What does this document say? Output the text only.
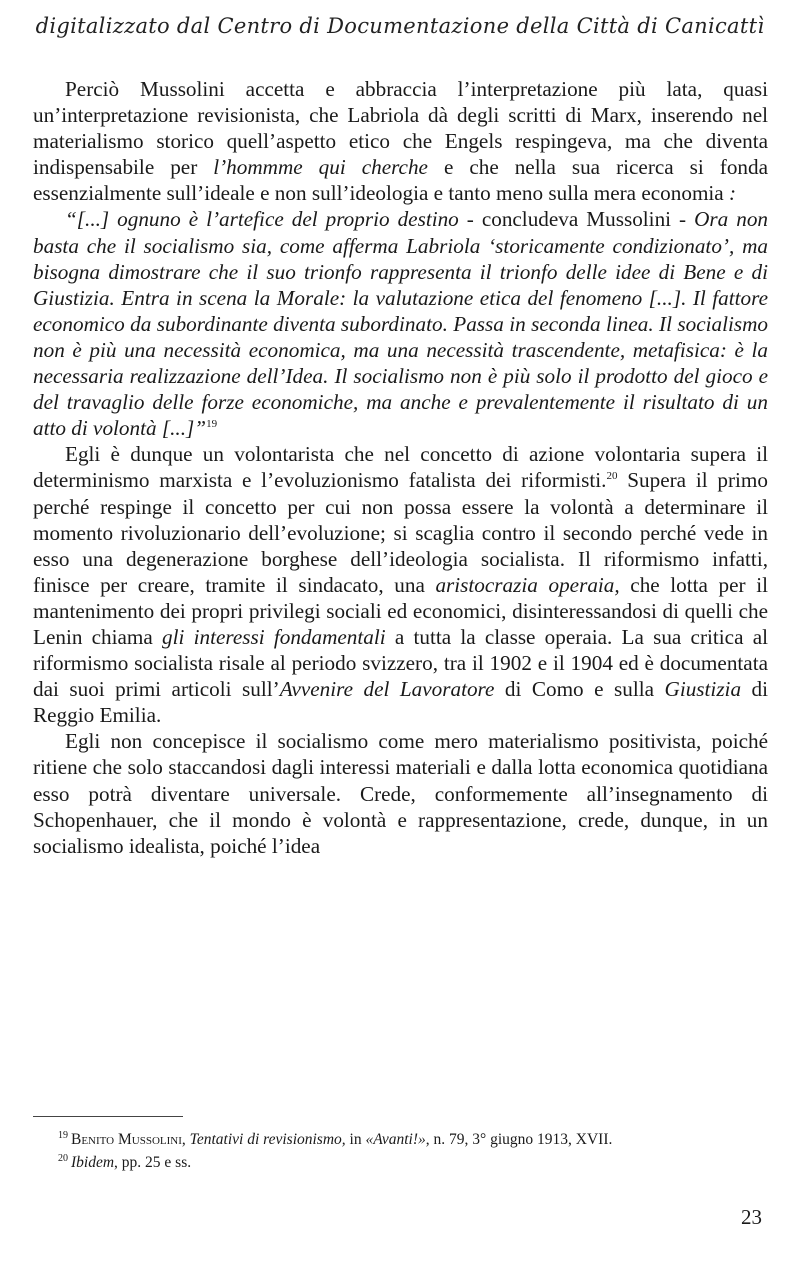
digitalizzato dal Centro di Documentazione della Città di Canicattì

Perciò Mussolini accetta e abbraccia l’interpretazione più lata, quasi un’interpretazione revisionista, che Labriola dà degli scritti di Marx, inserendo nel materialismo storico quell’aspetto etico che Engels respingeva, ma che diventa indispensabile per l’hommme qui cherche e che nella sua ricerca si fonda essenzialmente sull’ideale e non sull’ideologia e tanto meno sulla mera economia :

“[...] ognuno è l’artefice del proprio destino - concludeva Mussolini - Ora non basta che il socialismo sia, come afferma Labriola ‘storicamente condizionato’, ma bisogna dimostrare che il suo trionfo rappresenta il trionfo delle idee di Bene e di Giustizia. Entra in scena la Morale: la valutazione etica del fenomeno [...]. Il fattore economico da subordinante diventa subordinato. Passa in seconda linea. Il socialismo non è più una necessità economica, ma una necessità trascendente, metafisica: è la necessaria realizzazione dell’Idea. Il socialismo non è più solo il prodotto del gioco e del travaglio delle forze economiche, ma anche e prevalentemente il risultato di un atto di volontà [...]”$^{19}$

Egli è dunque un volontarista che nel concetto di azione volontaria supera il determinismo marxista e l’evoluzionismo fatalista dei riformisti.$^{20}$ Supera il primo perché respinge il concetto per cui non possa essere la volontà a determinare il momento rivoluzionario dell’evoluzione; si scaglia contro il secondo perché vede in esso una degenerazione borghese dell’ideologia socialista. Il riformismo infatti, finisce per creare, tramite il sindacato, una aristocrazia operaia, che lotta per il mantenimento dei propri privilegi sociali ed economici, disinteressandosi di quelli che Lenin chiama gli interessi fondamentali a tutta la classe operaia. La sua critica al riformismo socialista risale al periodo svizzero, tra il 1902 e il 1904 ed è documentata dai suoi primi articoli sull’Avvenire del Lavoratore di Como e sulla Giustizia di Reggio Emilia.

Egli non concepisce il socialismo come mero materialismo positivista, poiché ritiene che solo staccandosi dagli interessi materiali e dalla lotta economica quotidiana esso potrà diventare universale. Crede, conformemente all’insegnamento di Schopenhauer, che il mondo è volontà e rappresentazione, crede, dunque, in un socialismo idealista, poiché l’idea

$^{19}$ Benito Mussolini, Tentativi di revisionismo, in «Avanti!», n. 79, 3° giugno 1913, XVII.
$^{20}$ Ibidem, pp. 25 e ss.
23
